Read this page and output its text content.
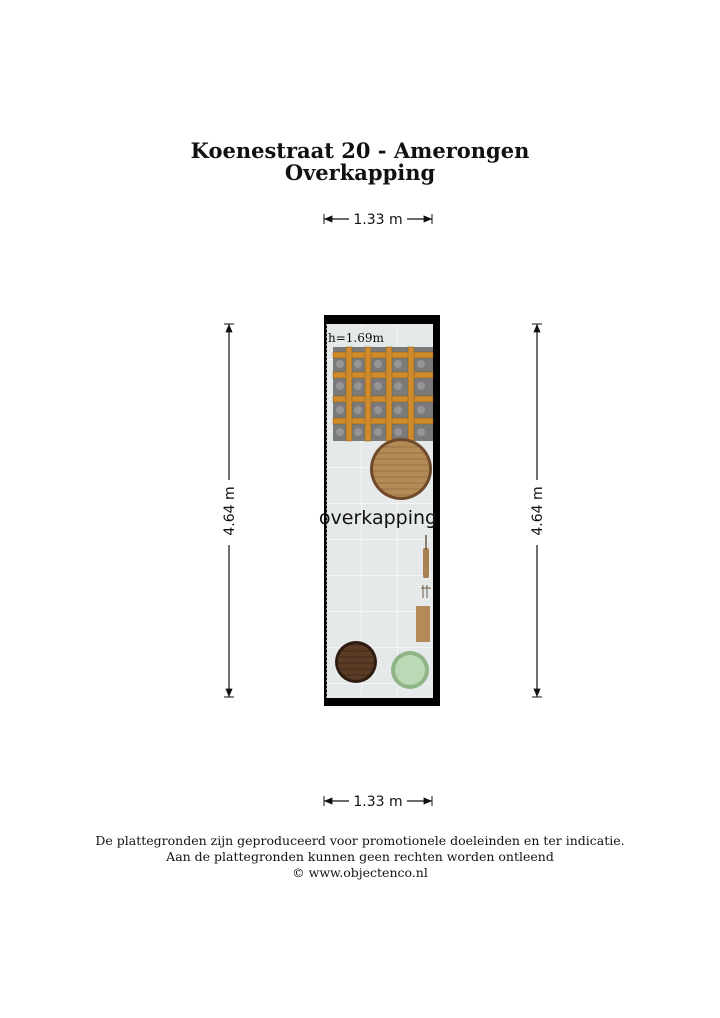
Koenestraat 20 - Amerongen
Overkapping
1.33 m
1.33 m
4.64 m	4.64 m
h=1.69m
overkapping
De plattegronden zijn geproduceerd voor promotionele doeleinden en ter indicatie.
Aan de plattegronden kunnen geen rechten worden ontleend
© www.objectenco.nl
